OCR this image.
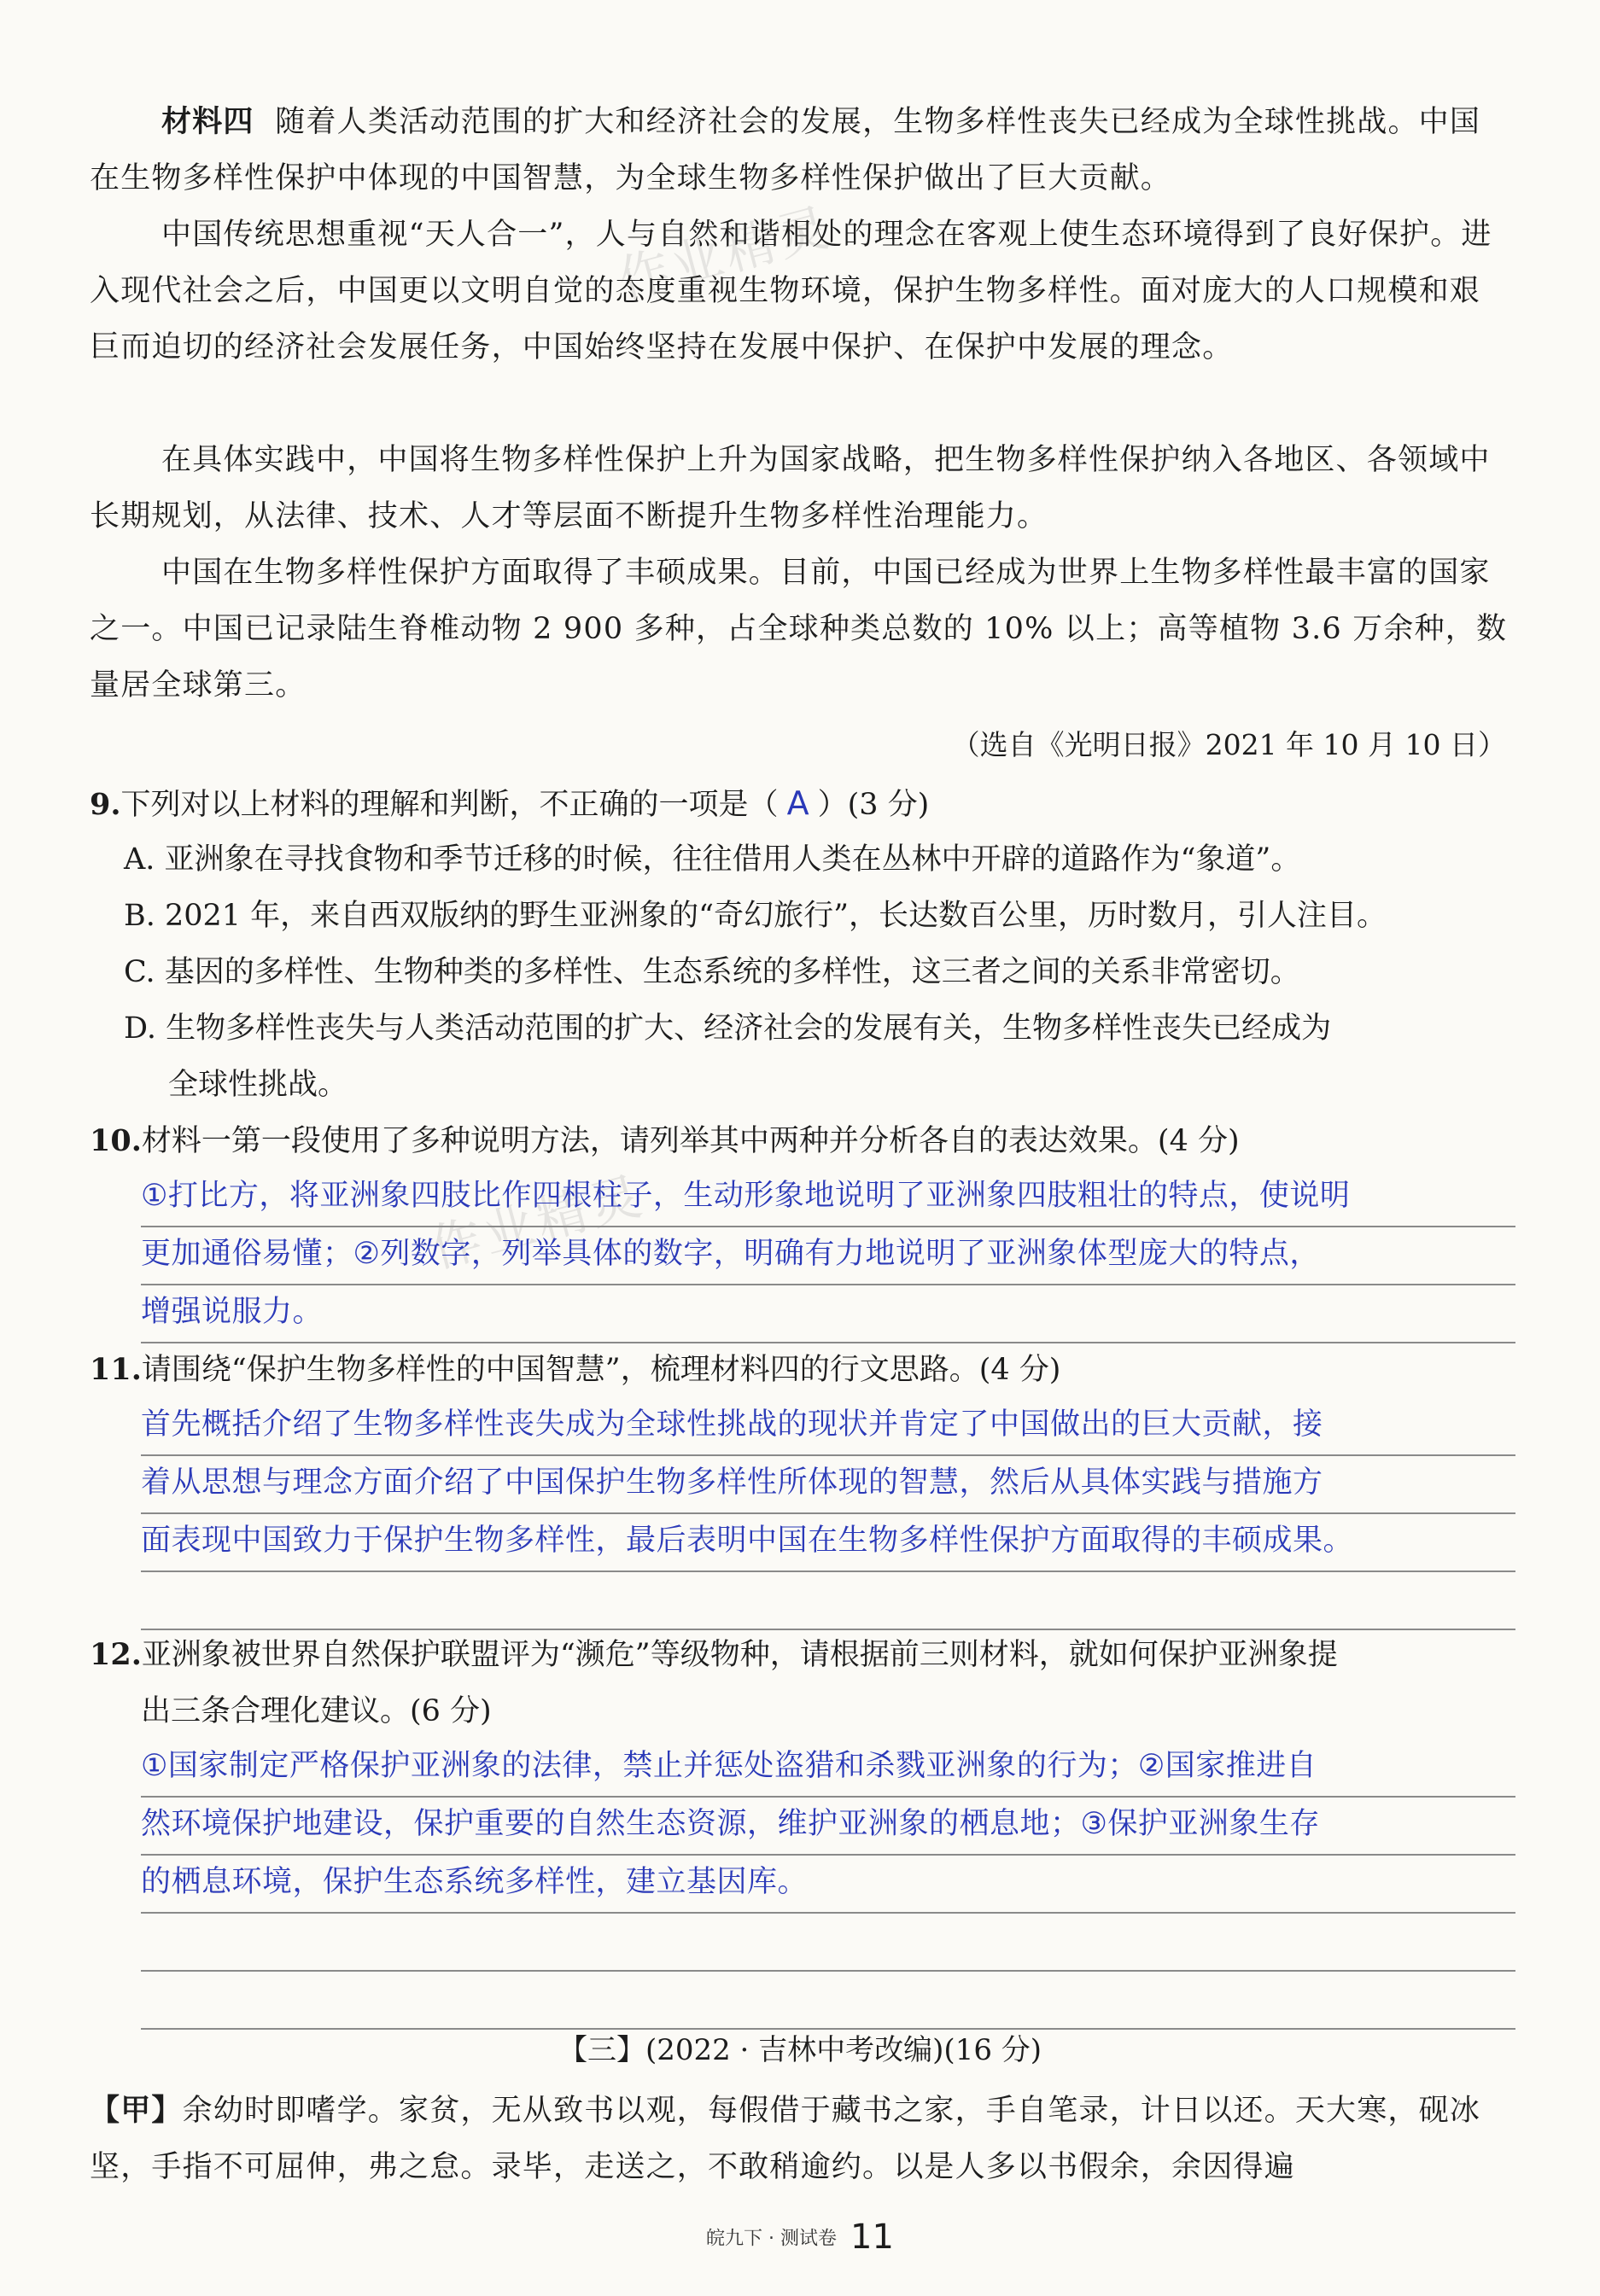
作业精灵
作业精灵

材料四 随着人类活动范围的扩大和经济社会的发展，生物多样性丧失已经成为全球性挑战。中国在生物多样性保护中体现的中国智慧，为全球生物多样性保护做出了巨大贡献。

中国传统思想重视“天人合一”，人与自然和谐相处的理念在客观上使生态环境得到了良好保护。进入现代社会之后，中国更以文明自觉的态度重视生物环境，保护生物多样性。面对庞大的人口规模和艰巨而迫切的经济社会发展任务，中国始终坚持在发展中保护、在保护中发展的理念。

在具体实践中，中国将生物多样性保护上升为国家战略，把生物多样性保护纳入各地区、各领域中长期规划，从法律、技术、人才等层面不断提升生物多样性治理能力。

中国在生物多样性保护方面取得了丰硕成果。目前，中国已经成为世界上生物多样性最丰富的国家之一。中国已记录陆生脊椎动物 2 900 多种，占全球种类总数的 10% 以上；高等植物 3.6 万余种，数量居全球第三。

（选自《光明日报》2021 年 10 月 10 日）

9.下列对以上材料的理解和判断，不正确的一项是（ A ）(3 分)

A. 亚洲象在寻找食物和季节迁移的时候，往往借用人类在丛林中开辟的道路作为“象道”。

B. 2021 年，来自西双版纳的野生亚洲象的“奇幻旅行”，长达数百公里，历时数月，引人注目。

C. 基因的多样性、生物种类的多样性、生态系统的多样性，这三者之间的关系非常密切。

D. 生物多样性丧失与人类活动范围的扩大、经济社会的发展有关，生物多样性丧失已经成为

全球性挑战。

10.材料一第一段使用了多种说明方法，请列举其中两种并分析各自的表达效果。(4 分)

①打比方，将亚洲象四肢比作四根柱子，生动形象地说明了亚洲象四肢粗壮的特点，使说明
更加通俗易懂；②列数字，列举具体的数字，明确有力地说明了亚洲象体型庞大的特点，
增强说服力。

11.请围绕“保护生物多样性的中国智慧”，梳理材料四的行文思路。(4 分)

首先概括介绍了生物多样性丧失成为全球性挑战的现状并肯定了中国做出的巨大贡献，接
着从思想与理念方面介绍了中国保护生物多样性所体现的智慧，然后从具体实践与措施方
面表现中国致力于保护生物多样性，最后表明中国在生物多样性保护方面取得的丰硕成果。

12.亚洲象被世界自然保护联盟评为“濒危”等级物种，请根据前三则材料，就如何保护亚洲象提

出三条合理化建议。(6 分)

①国家制定严格保护亚洲象的法律，禁止并惩处盗猎和杀戮亚洲象的行为；②国家推进自
然环境保护地建设，保护重要的自然生态资源，维护亚洲象的栖息地；③保护亚洲象生存
的栖息环境，保护生态系统多样性，建立基因库。
【三】(2022 · 吉林中考改编)(16 分)

【甲】余幼时即嗜学。家贫，无从致书以观，每假借于藏书之家，手自笔录，计日以还。天大寒，砚冰坚，手指不可屈伸，弗之怠。录毕，走送之，不敢稍逾约。以是人多以书假余，余因得遍

皖九下 · 测试卷 11
